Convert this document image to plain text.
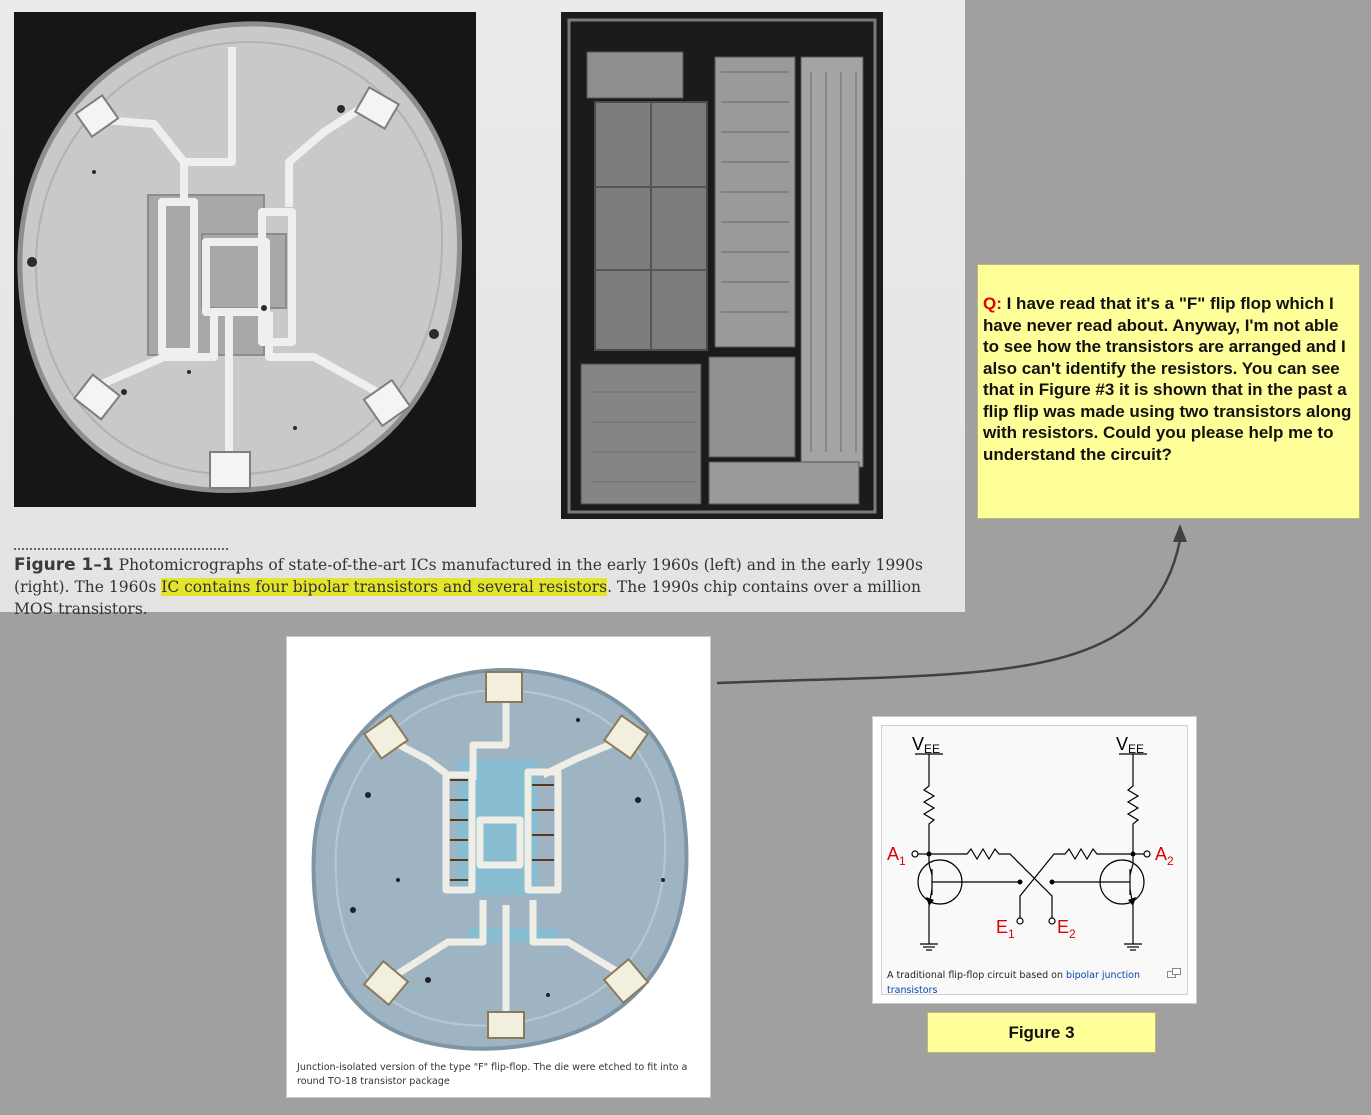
Figure 1–1 Photomicrographs of state-of-the-art ICs manufactured in the early 1960s (left) and in the early 1990s (right). The 1960s IC contains four bipolar transistors and several resistors. The 1990s chip contains over a million MOS transistors.
Q: I have read that it's a "F" flip flop which I have never read about. Anyway, I'm not able to see how the transistors are arranged and I also can't identify the resistors. You can see that in Figure #3 it is shown that in the past a flip flip was made using two transistors along with resistors. Could you please help me to understand the circuit?
Junction-isolated version of the type "F" flip-flop. The die were etched to fit into a round TO-18 transistor package
VEE	VEE
$A_1$	$A_2$
$E_1$ $E_2$
A traditional flip-flop circuit based on bipolar junction transistors
Figure 3
